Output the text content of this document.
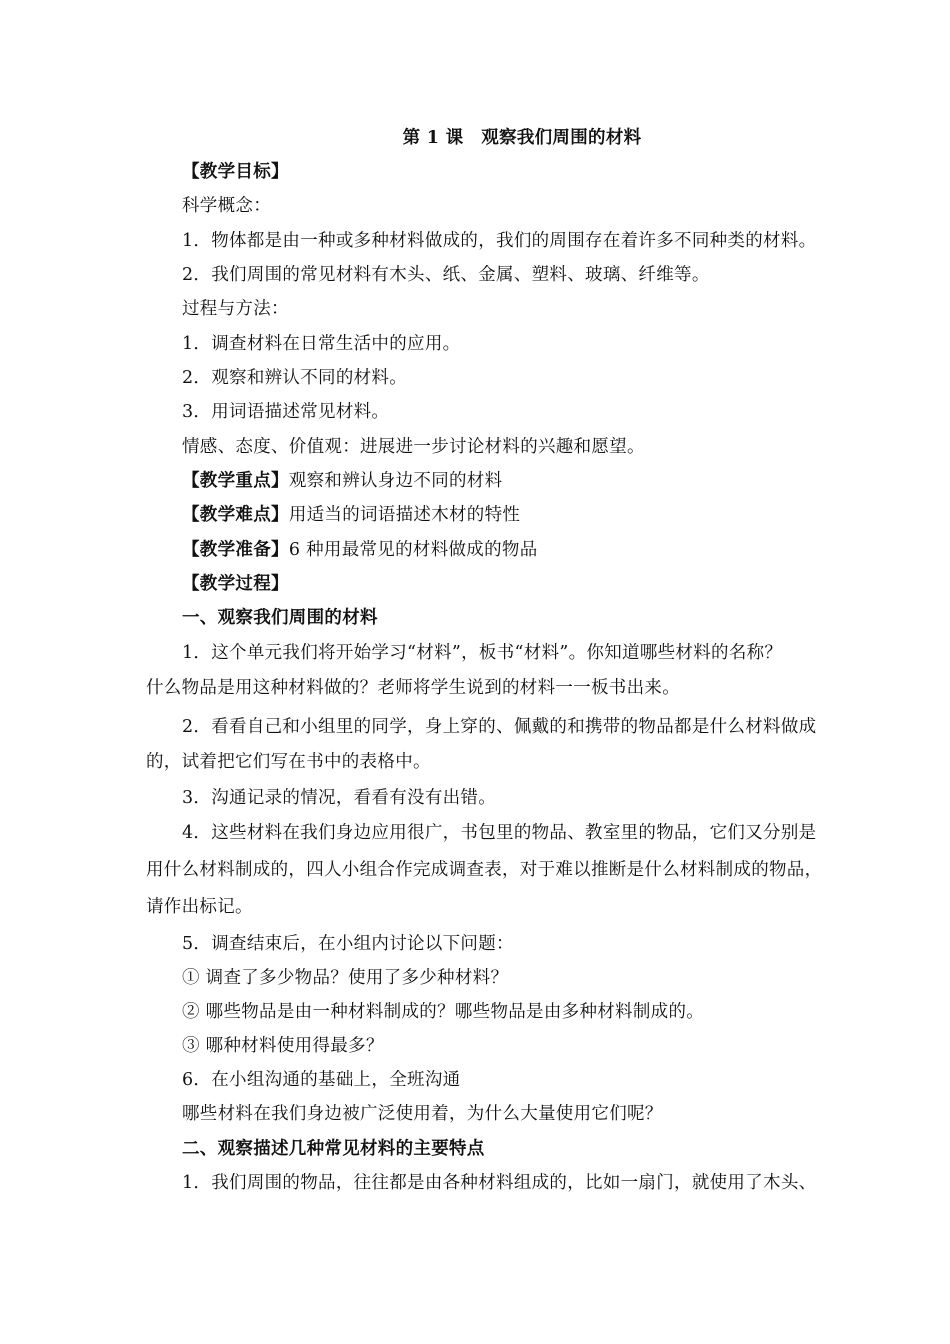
第 1 课　观察我们周围的材料
【教学目标】
科学概念：
1．物体都是由一种或多种材料做成的，我们的周围存在着许多不同种类的材料。
2．我们周围的常见材料有木头、纸、金属、塑料、玻璃、纤维等。
过程与方法：
1．调查材料在日常生活中的应用。
2．观察和辨认不同的材料。
3．用词语描述常见材料。
情感、态度、价值观：进展进一步讨论材料的兴趣和愿望。
【教学重点】观察和辨认身边不同的材料
【教学难点】用适当的词语描述木材的特性
【教学准备】6 种用最常见的材料做成的物品
【教学过程】
一、观察我们周围的材料
1．这个单元我们将开始学习“材料”，板书“材料”。你知道哪些材料的名称？
什么物品是用这种材料做的？老师将学生说到的材料一一板书出来。
2．看看自己和小组里的同学，身上穿的、佩戴的和携带的物品都是什么材料做成
的，试着把它们写在书中的表格中。
3．沟通记录的情况，看看有没有出错。
4．这些材料在我们身边应用很广，书包里的物品、教室里的物品，它们又分别是
用什么材料制成的，四人小组合作完成调查表，对于难以推断是什么材料制成的物品，
请作出标记。
5．调查结束后，在小组内讨论以下问题：
① 调查了多少物品？使用了多少种材料？
② 哪些物品是由一种材料制成的？哪些物品是由多种材料制成的。
③ 哪种材料使用得最多？
6．在小组沟通的基础上，全班沟通
哪些材料在我们身边被广泛使用着，为什么大量使用它们呢？
二、观察描述几种常见材料的主要特点
1．我们周围的物品，往往都是由各种材料组成的，比如一扇门，就使用了木头、
